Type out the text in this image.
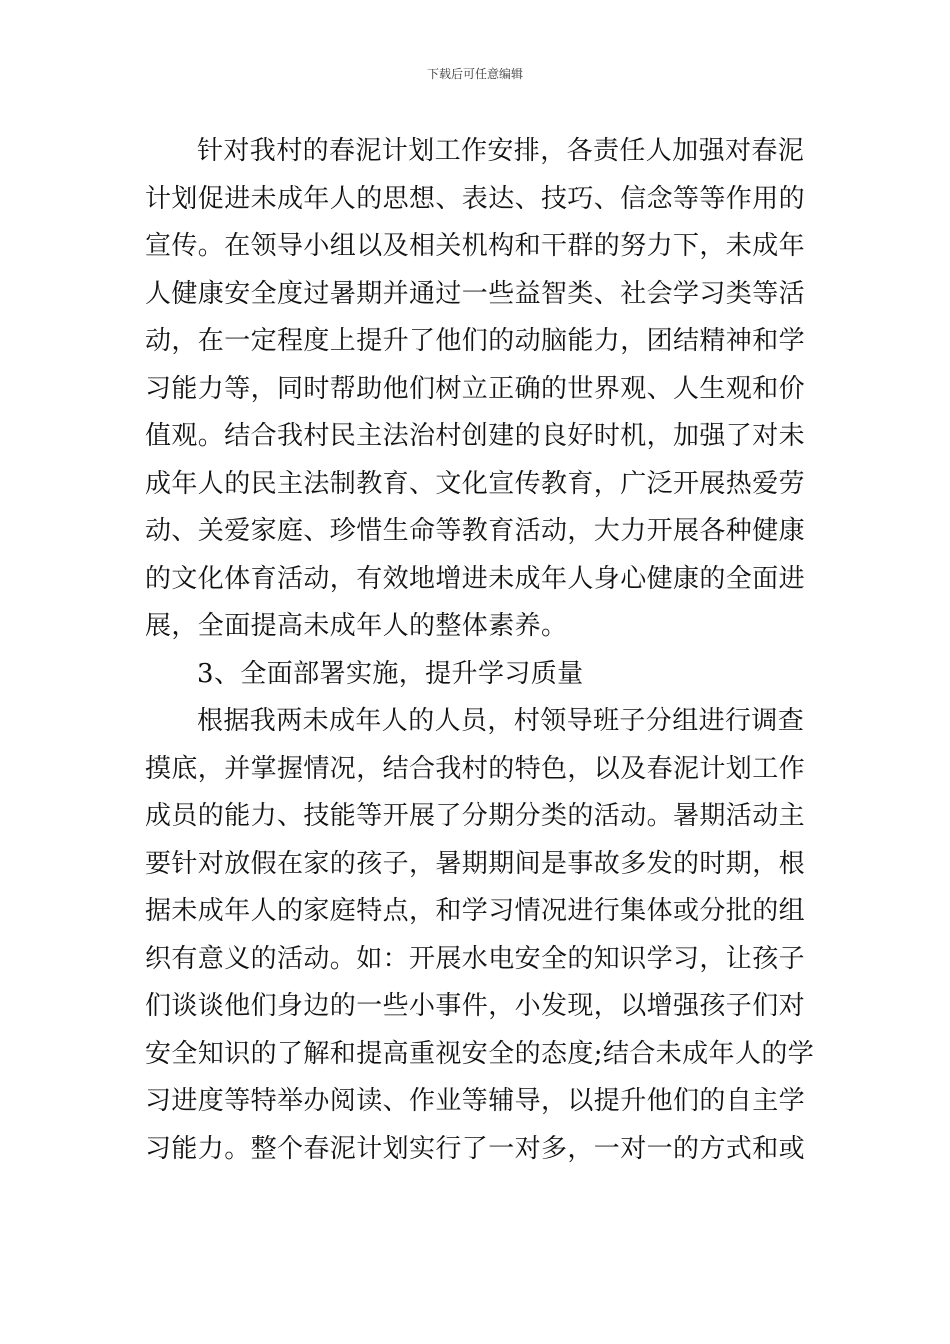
下载后可任意编辑
针对我村的春泥计划工作安排，各责任人加强对春泥
计划促进未成年人的思想、表达、技巧、信念等等作用的
宣传。在领导小组以及相关机构和干群的努力下，未成年
人健康安全度过暑期并通过一些益智类、社会学习类等活
动，在一定程度上提升了他们的动脑能力，团结精神和学
习能力等，同时帮助他们树立正确的世界观、人生观和价
值观。结合我村民主法治村创建的良好时机，加强了对未
成年人的民主法制教育、文化宣传教育，广泛开展热爱劳
动、关爱家庭、珍惜生命等教育活动，大力开展各种健康
的文化体育活动，有效地增进未成年人身心健康的全面进
展，全面提高未成年人的整体素养。
3、全面部署实施，提升学习质量
根据我两未成年人的人员，村领导班子分组进行调查
摸底，并掌握情况，结合我村的特色，以及春泥计划工作
成员的能力、技能等开展了分期分类的活动。暑期活动主
要针对放假在家的孩子，暑期期间是事故多发的时期，根
据未成年人的家庭特点，和学习情况进行集体或分批的组
织有意义的活动。如：开展水电安全的知识学习，让孩子
们谈谈他们身边的一些小事件，小发现，以增强孩子们对
安全知识的了解和提高重视安全的态度;结合未成年人的学
习进度等特举办阅读、作业等辅导，以提升他们的自主学
习能力。整个春泥计划实行了一对多，一对一的方式和或
